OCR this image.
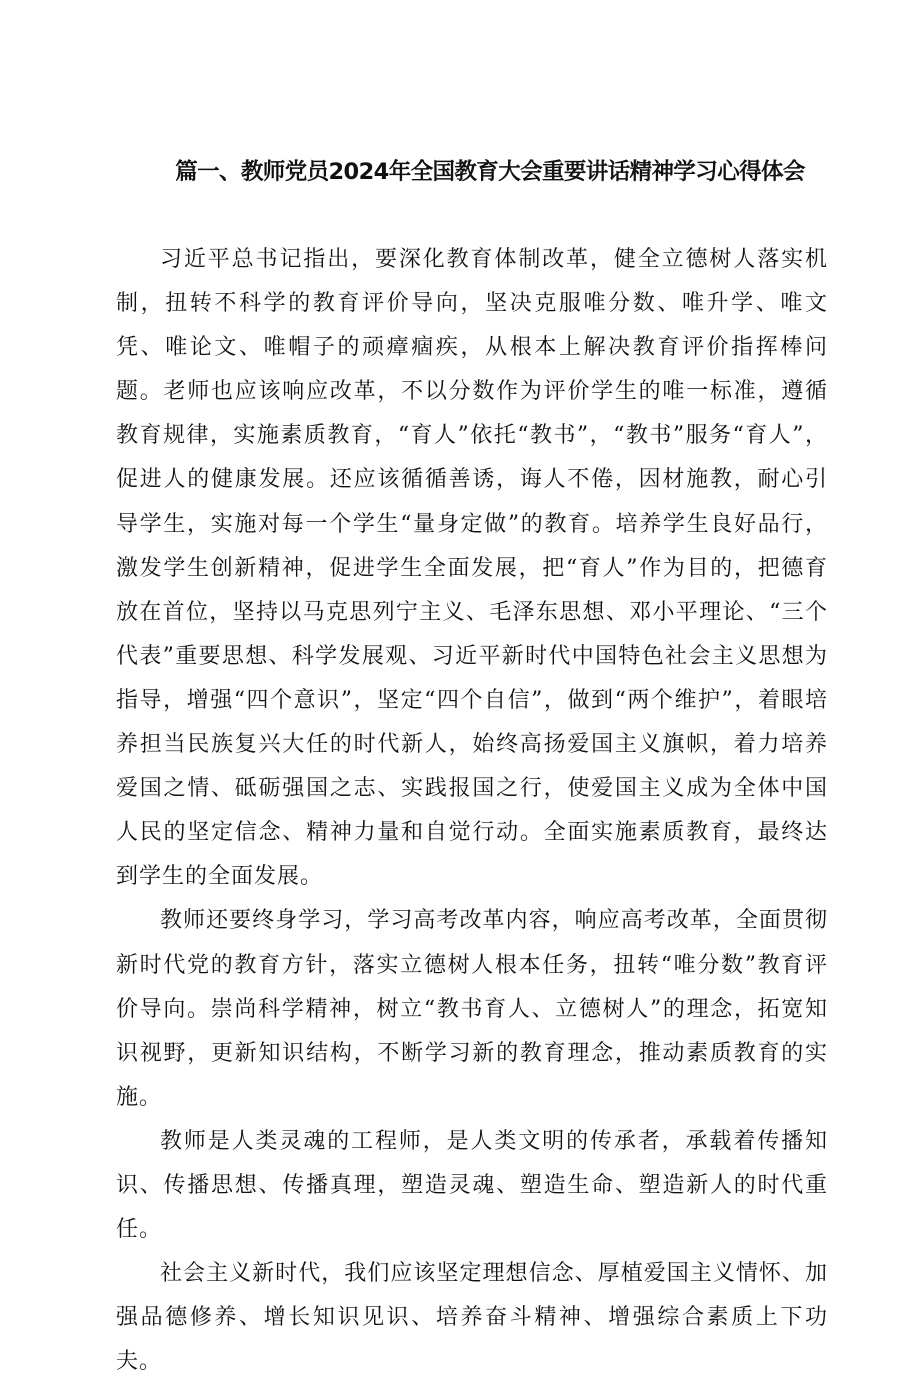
篇一、教师党员2024年全国教育大会重要讲话精神学习心得体会

习近平总书记指出，要深化教育体制改革，健全立德树人落实机制，扭转不科学的教育评价导向，坚决克服唯分数、唯升学、唯文凭、唯论文、唯帽子的顽瘴痼疾，从根本上解决教育评价指挥棒问题。老师也应该响应改革，不以分数作为评价学生的唯一标准，遵循教育规律，实施素质教育，“育人”依托“教书”，“教书”服务“育人”，促进人的健康发展。还应该循循善诱，诲人不倦，因材施教，耐心引导学生，实施对每一个学生“量身定做”的教育。培养学生良好品行，激发学生创新精神，促进学生全面发展，把“育人”作为目的，把德育放在首位，坚持以马克思列宁主义、毛泽东思想、邓小平理论、“三个代表”重要思想、科学发展观、习近平新时代中国特色社会主义思想为指导，增强“四个意识”，坚定“四个自信”，做到“两个维护”，着眼培养担当民族复兴大任的时代新人，始终高扬爱国主义旗帜，着力培养爱国之情、砥砺强国之志、实践报国之行，使爱国主义成为全体中国人民的坚定信念、精神力量和自觉行动。全面实施素质教育，最终达到学生的全面发展。

教师还要终身学习，学习高考改革内容，响应高考改革，全面贯彻新时代党的教育方针，落实立德树人根本任务，扭转“唯分数”教育评价导向。崇尚科学精神，树立“教书育人、立德树人”的理念，拓宽知识视野，更新知识结构，不断学习新的教育理念，推动素质教育的实施。

教师是人类灵魂的工程师，是人类文明的传承者，承载着传播知识、传播思想、传播真理，塑造灵魂、塑造生命、塑造新人的时代重任。

社会主义新时代，我们应该坚定理想信念、厚植爱国主义情怀、加强品德修养、增长知识见识、培养奋斗精神、增强综合素质上下功夫。
